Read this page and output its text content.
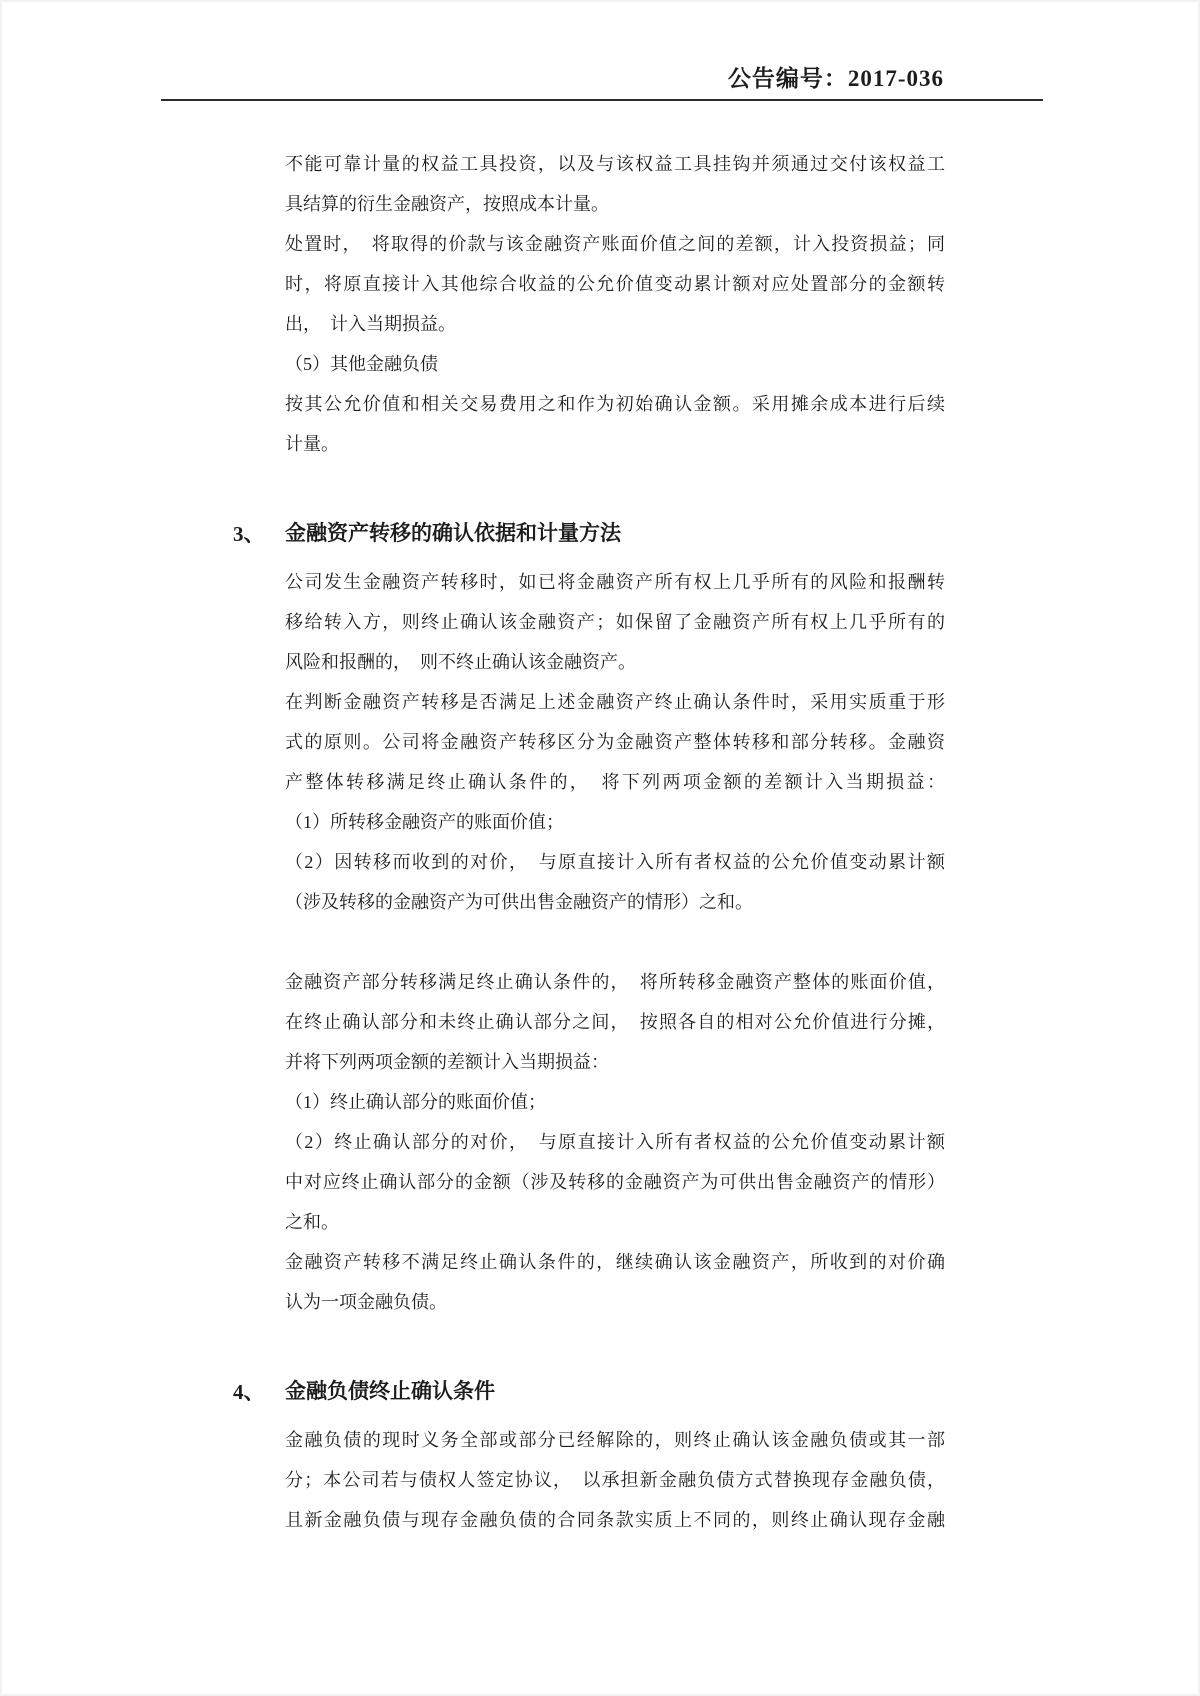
公告编号：2017-036
不能可靠计量的权益工具投资，以及与该权益工具挂钩并须通过交付该权益工
具结算的衍生金融资产，按照成本计量。
处置时，　将取得的价款与该金融资产账面价值之间的差额，计入投资损益；同
时，将原直接计入其他综合收益的公允价值变动累计额对应处置部分的金额转
出，　计入当期损益。
（5）其他金融负债
按其公允价值和相关交易费用之和作为初始确认金额。采用摊余成本进行后续
计量。
3、 金融资产转移的确认依据和计量方法
公司发生金融资产转移时，如已将金融资产所有权上几乎所有的风险和报酬转
移给转入方，则终止确认该金融资产；如保留了金融资产所有权上几乎所有的
风险和报酬的，　则不终止确认该金融资产。
在判断金融资产转移是否满足上述金融资产终止确认条件时，采用实质重于形
式的原则。公司将金融资产转移区分为金融资产整体转移和部分转移。金融资
产整体转移满足终止确认条件的，　将下列两项金额的差额计入当期损益：
（1）所转移金融资产的账面价值；
（2）因转移而收到的对价，　与原直接计入所有者权益的公允价值变动累计额
（涉及转移的金融资产为可供出售金融资产的情形）之和。
金融资产部分转移满足终止确认条件的，　将所转移金融资产整体的账面价值，
在终止确认部分和未终止确认部分之间，　按照各自的相对公允价值进行分摊，
并将下列两项金额的差额计入当期损益：
（1）终止确认部分的账面价值；
（2）终止确认部分的对价，　与原直接计入所有者权益的公允价值变动累计额
中对应终止确认部分的金额（涉及转移的金融资产为可供出售金融资产的情形）
之和。
金融资产转移不满足终止确认条件的，继续确认该金融资产，所收到的对价确
认为一项金融负债。
4、 金融负债终止确认条件
金融负债的现时义务全部或部分已经解除的，则终止确认该金融负债或其一部
分；本公司若与债权人签定协议，　以承担新金融负债方式替换现存金融负债，
且新金融负债与现存金融负债的合同条款实质上不同的，则终止确认现存金融
